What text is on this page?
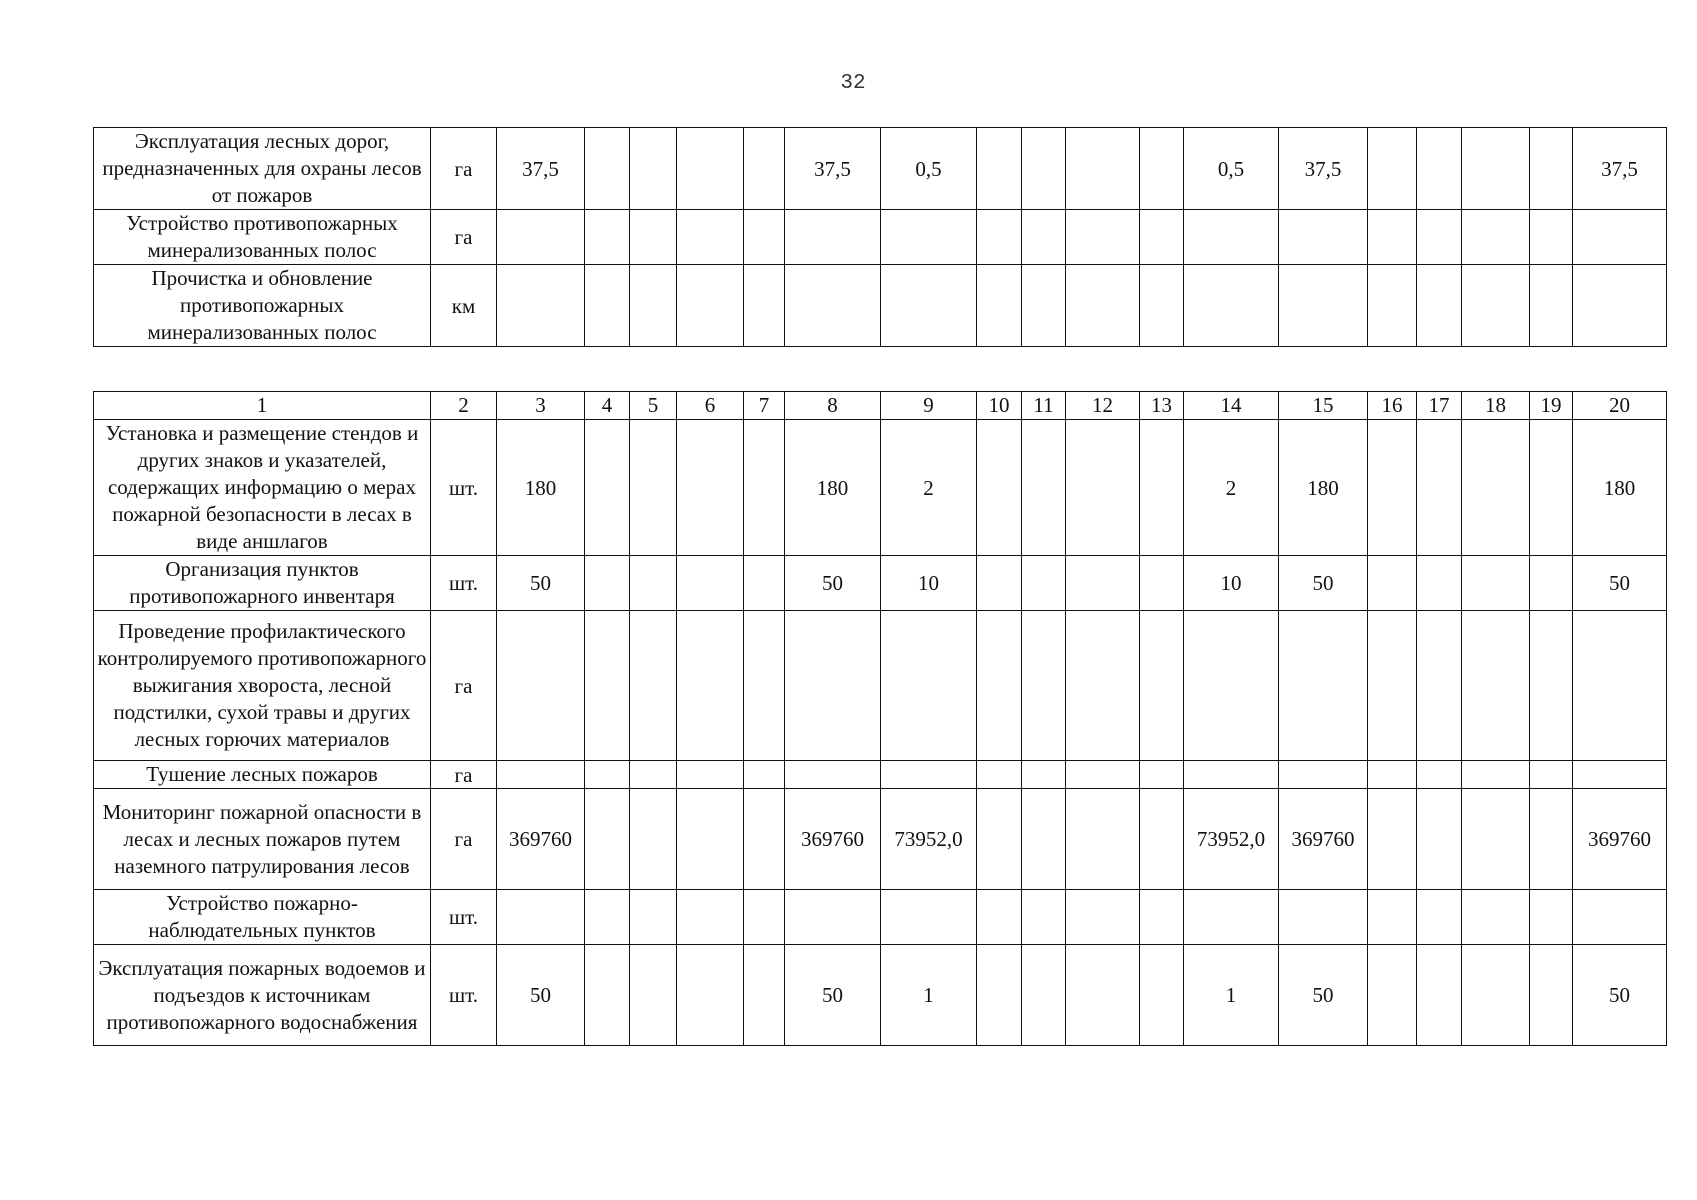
32
Эксплуатация лесных дорог, предназначенных для охраны лесов от пожаров	га	37,5					37,5	0,5					0,5	37,5					37,5
Устройство противопожарных минерализованных полос	га																		
Прочистка и обновление противопожарных минерализованных полос	км																		
1	2	3	4	5	6	7	8	9	10	11	12	13	14	15	16	17	18	19	20
Установка и размещение стендов и других знаков и указателей, содержащих информацию о мерах пожарной безопасности в лесах в виде аншлагов	шт.	180					180	2					2	180					180
Организация пунктов противопожарного инвентаря	шт.	50					50	10					10	50					50
Проведение профилактического контролируемого противопожарного выжигания хвороста, лесной подстилки, сухой травы и других лесных горючих материалов	га																		
Тушение лесных пожаров	га																		
Мониторинг пожарной опасности в лесах и лесных пожаров путем наземного патрулирования лесов	га	369760					369760	73952,0					73952,0	369760					369760
Устройство пожарно-наблюдательных пунктов	шт.																		
Эксплуатация пожарных водоемов и подъездов к источникам противопожарного водоснабжения	шт.	50					50	1					1	50					50
